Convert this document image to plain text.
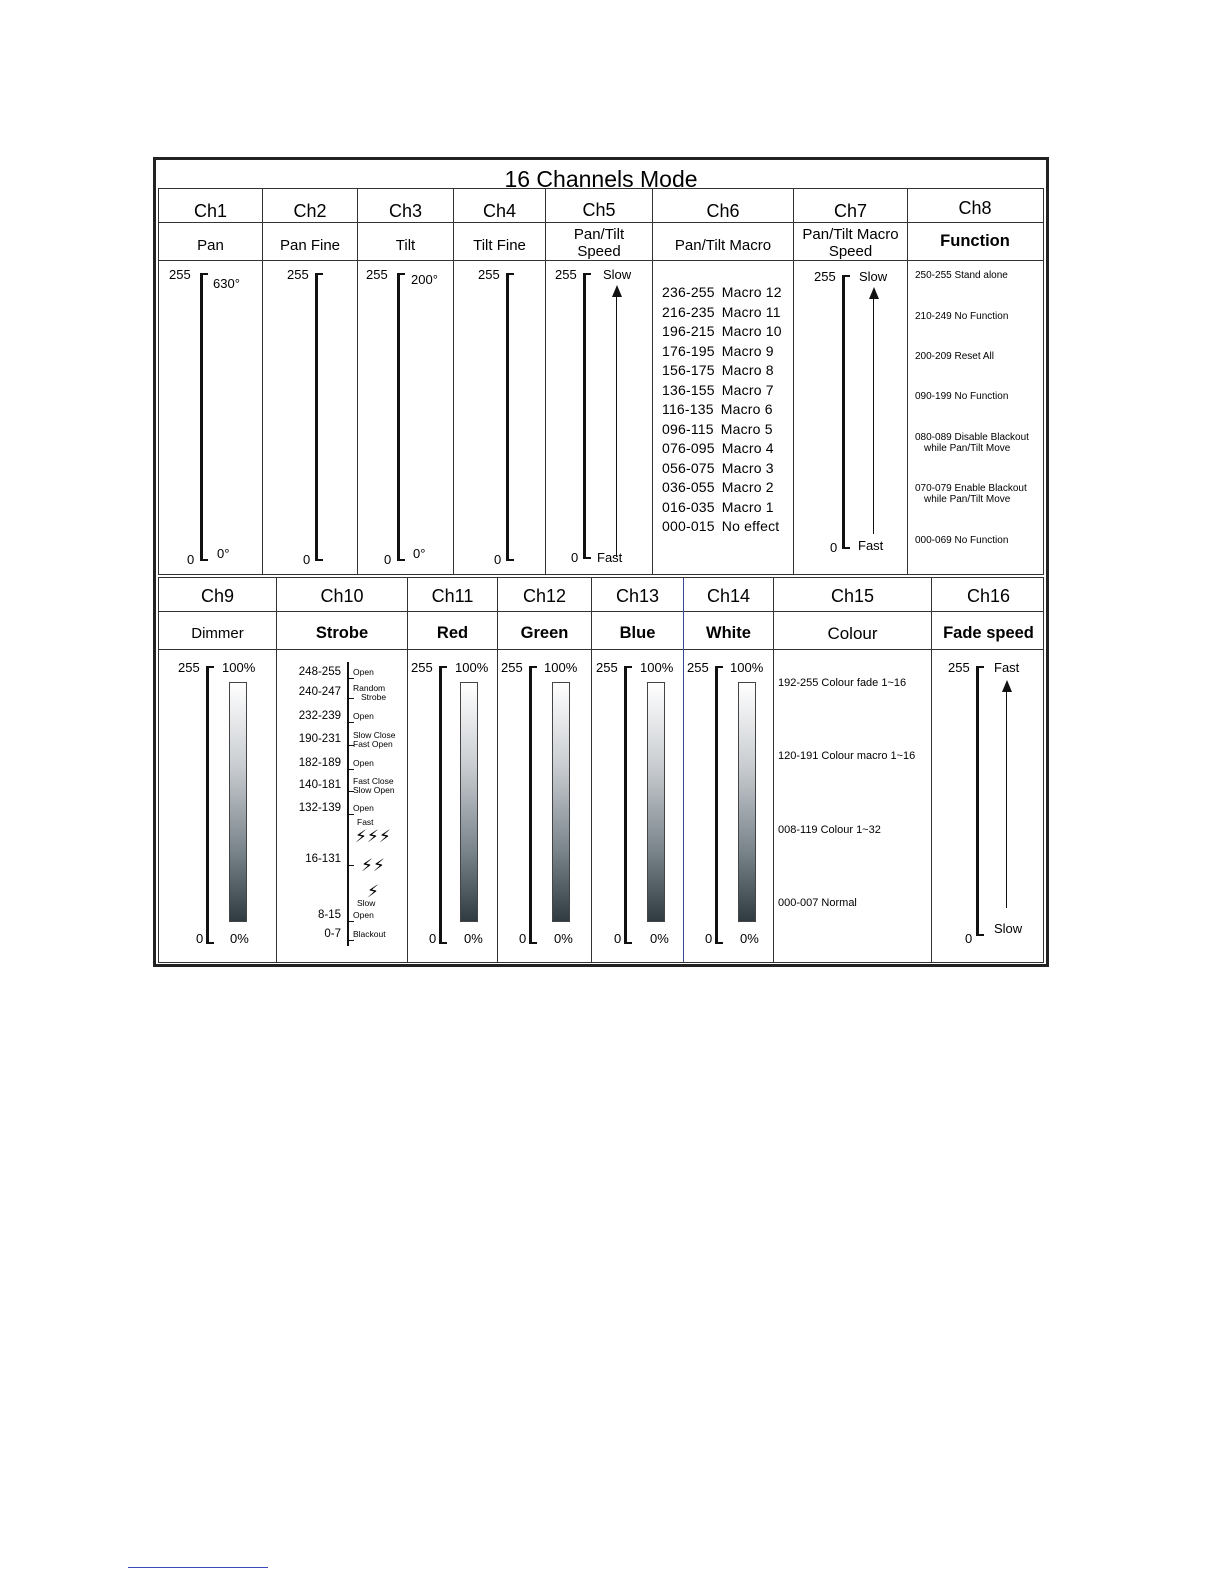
16 Channels Mode
Ch1
Pan
255
630°
0 0°
Ch2
Pan Fine
255
0
Ch3
Tilt
255 200°
0 0°
Ch4
Tilt Fine
255
0
Ch5
Pan/Tilt
Speed
255 Slow
0 Fast
Ch6
Pan/Tilt Macro
236-255 Macro 12
216-235 Macro 11
196-215 Macro 10
176-195 Macro 9
156-175 Macro 8
136-155 Macro 7
116-135 Macro 6
096-115 Macro 5
076-095 Macro 4
056-075 Macro 3
036-055 Macro 2
016-035 Macro 1
000-015 No effect
Ch7
Pan/Tilt Macro
Speed
255 Slow
0 Fast
Ch8
Function
250-255 Stand alone
210-249 No Function
200-209 Reset All
090-199 No Function
080-089 Disable Blackout
while Pan/Tilt Move
070-079 Enable Blackout
while Pan/Tilt Move
000-069 No Function
Ch9
Dimmer
255 100%
0 0%
Ch10
Strobe
248-255 Open
240-247 Random
Strobe
232-239 Open
190-231 Slow Close
Fast Open
182-189 Open
140-181 Fast Close
Slow Open
132-139 Open
16-131
8-15 Open
0-7 Blackout
Fast
⚡⚡⚡
⚡⚡
⚡
Slow
Ch11
Red
255 100%
0 0%
Ch12
Green
255 100%
0 0%
Ch13
Blue
255 100%
0 0%
Ch14
White
255 100%
0 0%
Ch15
Colour
192-255 Colour fade 1~16
120-191 Colour macro 1~16
008-119 Colour 1~32
000-007 Normal
Ch16
Fade speed
255 Fast
0
Slow
